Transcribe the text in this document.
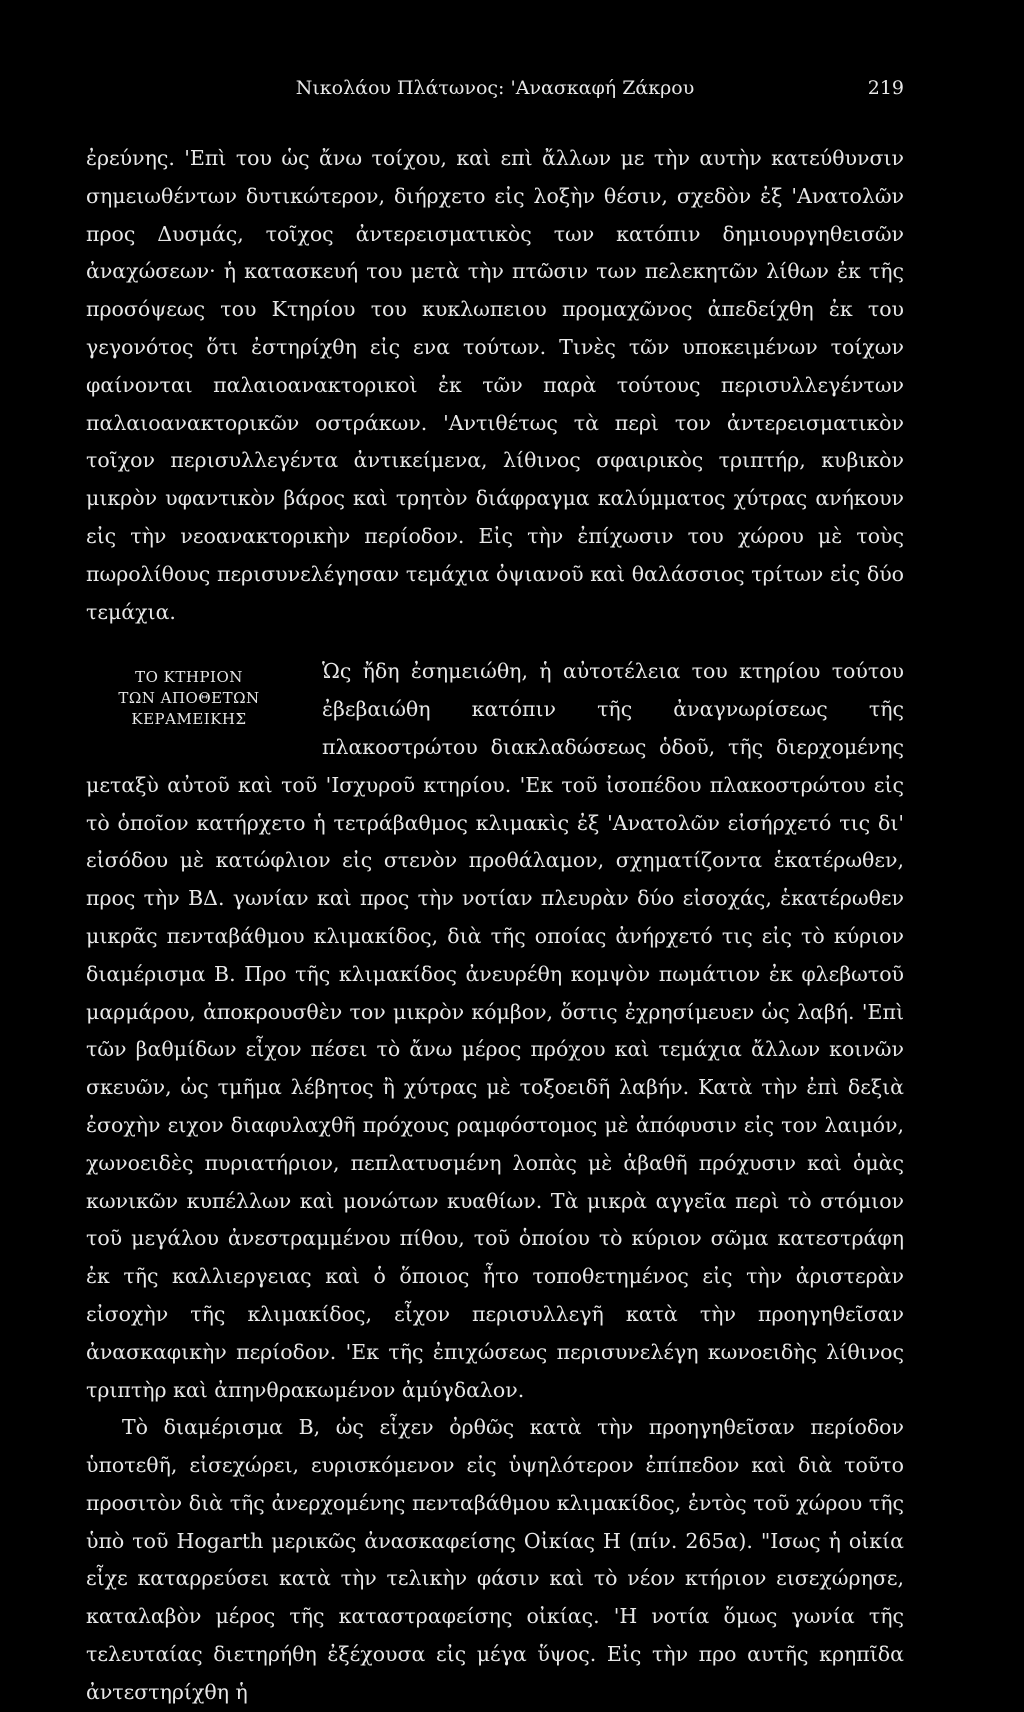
Νικολάου Πλάτωνος: 'Ανασκαφή Ζάκρου	219

ἐρεύνης. 'Επὶ του ὡς ἄνω τοίχου, καὶ επὶ ἄλλων με τὴν αυτὴν κατεύθυνσιν σημειωθέντων δυτικώτερον, διήρχετο εἰς λοξὴν θέσιν, σχεδὸν ἐξ 'Ανατολῶν προς Δυσμάς, τοῖχος ἀντερεισματικὸς των κατόπιν δημιουργηθεισῶν ἀναχώσεων· ἡ κατασκευή του μετὰ τὴν πτῶσιν των πελεκητῶν λίθων ἐκ τῆς προσόψεως του Κτηρίου του κυκλωπειου προμαχῶνος ἀπεδείχθη ἐκ του γεγονότος ὅτι ἐστηρίχθη εἰς ενα τούτων. Τινὲς τῶν υποκειμένων τοίχων φαίνονται παλαιοανακτορικοὶ ἐκ τῶν παρὰ τούτους περισυλλεγέντων παλαιοανακτορικῶν οστράκων. 'Αντιθέτως τὰ περὶ τον ἀντερεισματικὸν τοῖχον περισυλλεγέντα ἀντικείμενα, λίθινος σφαιρικὸς τριπτήρ, κυβικὸν μικρὸν υφαντικὸν βάρος καὶ τρητὸν διάφραγμα καλύμματος χύτρας ανήκουν εἰς τὴν νεοανακτορικὴν περίοδον. Εἰς τὴν ἐπίχωσιν του χώρου μὲ τοὺς πωρολίθους περισυνελέγησαν τεμάχια ὀψιανοῦ καὶ θαλάσσιος τρίτων εἰς δύο τεμάχια.

ΤΟ ΚΤΗΡΙΟΝ
ΤΩΝ ΑΠΟΘΕΤΩΝ
ΚΕΡΑΜΕΙΚΗΣ

Ὡς ἤδη ἐσημειώθη, ἡ αὐτοτέλεια του κτηρίου τούτου ἐβεβαιώθη κατόπιν τῆς ἀναγνωρίσεως τῆς πλακοστρώτου διακλαδώσεως ὁδοῦ, τῆς διερχομένης μεταξὺ αὐτοῦ καὶ τοῦ 'Ισχυροῦ κτηρίου. 'Εκ τοῦ ἰσοπέδου πλακοστρώτου εἰς τὸ ὁποῖον κατήρχετο ἡ τετράβαθμος κλιμακὶς ἐξ 'Ανατολῶν εἰσήρχετό τις δι' εἰσόδου μὲ κατώφλιον εἰς στενὸν προθάλαμον, σχηματίζοντα ἑκατέρωθεν, προς τὴν ΒΔ. γωνίαν καὶ προς τὴν νοτίαν πλευρὰν δύο εἰσοχάς, ἑκατέρωθεν μικρᾶς πενταβάθμου κλιμακίδος, διὰ τῆς οποίας ἀνήρχετό τις εἰς τὸ κύριον διαμέρισμα Β. Προ τῆς κλιμακίδος ἀνευρέθη κομψὸν πωμάτιον ἐκ φλεβωτοῦ μαρμάρου, ἀποκρουσθὲν τον μικρὸν κόμβον, ὅστις ἐχρησίμευεν ὡς λαβή. 'Επὶ τῶν βαθμίδων εἶχον πέσει τὸ ἄνω μέρος πρόχου καὶ τεμάχια ἄλλων κοινῶν σκευῶν, ὡς τμῆμα λέβητος ἢ χύτρας μὲ τοξοειδῆ λαβήν. Κατὰ τὴν ἐπὶ δεξιὰ ἐσοχὴν ειχον διαφυλαχθῆ πρόχους ραμφόστομος μὲ ἀπόφυσιν εἰς τον λαιμόν, χωνοειδὲς πυριατήριον, πεπλατυσμένη λοπὰς μὲ ἀβαθῆ πρόχυσιν καὶ ὁμὰς κωνικῶν κυπέλλων καὶ μονώτων κυαθίων. Τὰ μικρὰ αγγεῖα περὶ τὸ στόμιον τοῦ μεγάλου ἀνεστραμμένου πίθου, τοῦ ὁποίου τὸ κύριον σῶμα κατεστράφη ἐκ τῆς καλλιεργειας καὶ ὁ ὅποιος ἦτο τοποθετημένος εἰς τὴν ἀριστερὰν εἰσοχὴν τῆς κλιμακίδος, εἶχον περισυλλεγῆ κατὰ τὴν προηγηθεῖσαν ἀνασκαφικὴν περίοδον. 'Εκ τῆς ἐπιχώσεως περισυνελέγη κωνοειδὴς λίθινος τριπτὴρ καὶ ἀπηνθρακωμένον ἀμύγδαλον.

Τὸ διαμέρισμα Β, ὡς εἶχεν ὀρθῶς κατὰ τὴν προηγηθεῖσαν περίοδον ὑποτεθῆ, εἰσεχώρει, ευρισκόμενον εἰς ὑψηλότερον ἐπίπεδον καὶ διὰ τοῦτο προσιτὸν διὰ τῆς ἀνερχομένης πενταβάθμου κλιμακίδος, ἐντὸς τοῦ χώρου τῆς ὑπὸ τοῦ Hogarth μερικῶς ἀνασκαφείσης Οἰκίας Η (πίν. 265α). "Ισως ἡ οἰκία εἶχε καταρρεύσει κατὰ τὴν τελικὴν φάσιν καὶ τὸ νέον κτήριον εισεχώρησε, καταλαβὸν μέρος τῆς καταστραφείσης οἰκίας. 'Η νοτία ὅμως γωνία τῆς τελευταίας διετηρήθη ἐξέχουσα εἰς μέγα ὕψος. Εἰς τὴν προ αυτῆς κρηπῖδα ἀντεστηρίχθη ἡ
